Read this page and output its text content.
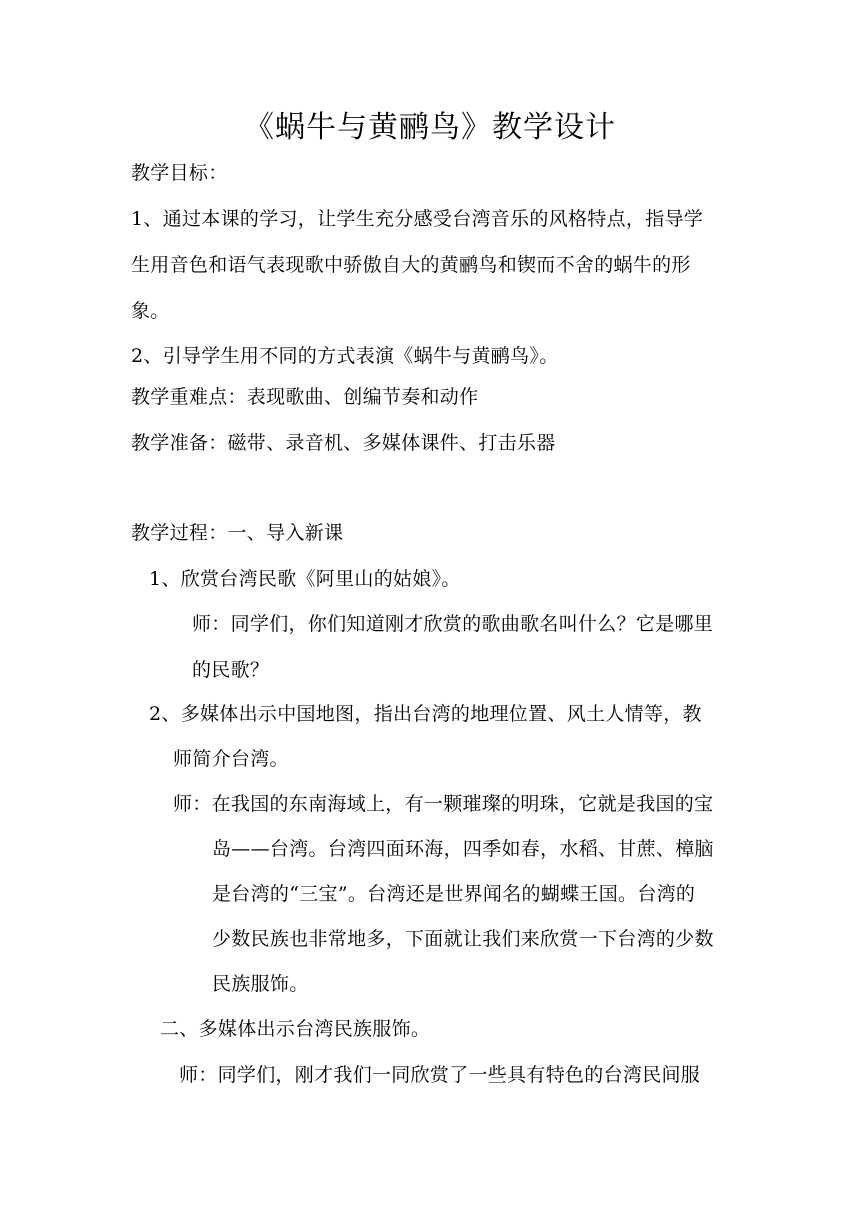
《蜗牛与黄鹂鸟》教学设计
教学目标：
1、通过本课的学习，让学生充分感受台湾音乐的风格特点，指导学
生用音色和语气表现歌中骄傲自大的黄鹂鸟和锲而不舍的蜗牛的形
象。
2、引导学生用不同的方式表演《蜗牛与黄鹂鸟》。
教学重难点：表现歌曲、创编节奏和动作
教学准备：磁带、录音机、多媒体课件、打击乐器
教学过程：一、导入新课
1、欣赏台湾民歌《阿里山的姑娘》。
师：同学们，你们知道刚才欣赏的歌曲歌名叫什么？它是哪里
的民歌？
2、多媒体出示中国地图，指出台湾的地理位置、风土人情等，教
师简介台湾。
师：在我国的东南海域上，有一颗璀璨的明珠，它就是我国的宝
岛——台湾。台湾四面环海，四季如春，水稻、甘蔗、樟脑
是台湾的“三宝”。台湾还是世界闻名的蝴蝶王国。台湾的
少数民族也非常地多，下面就让我们来欣赏一下台湾的少数
民族服饰。
二、多媒体出示台湾民族服饰。
师：同学们，刚才我们一同欣赏了一些具有特色的台湾民间服
